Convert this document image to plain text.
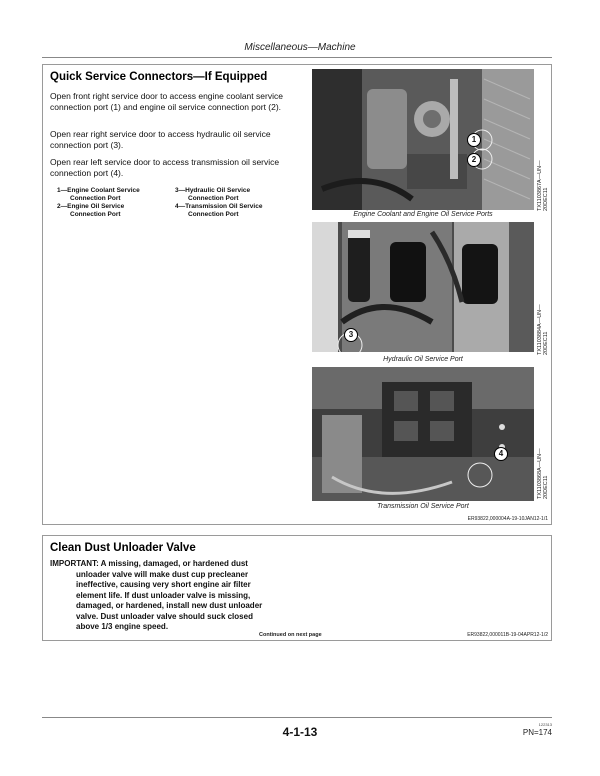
Miscellaneous—Machine
Quick Service Connectors—If Equipped
Open front right service door to access engine coolant service connection port (1) and engine oil service connection port (2).
Open rear right service door to access hydraulic oil service connection port (3).
Open rear left service door to access transmission oil service connection port (4).
1—Engine Coolant Service
Connection Port
2—Engine Oil Service
Connection Port
3—Hydraulic Oil Service
Connection Port
4—Transmission Oil Service
Connection Port
1
2
TX1103867A—UN—20DEC11
Engine Coolant and Engine Oil Service Ports
3	TX1103884A—UN—20DEC11
Hydraulic Oil Service Port
4	TX1103868A—UN—20DEC11
Transmission Oil Service Port
ER93822,000004A-19-10JAN12-1/1
Clean Dust Unloader Valve
IMPORTANT: A missing, damaged, or hardened dust
unloader valve will make dust cup precleaner
ineffective, causing very short engine air filter
element life. If dust unloader valve is missing,
damaged, or hardened, install new dust unloader
valve. Dust unloader valve should suck closed
above 1/3 engine speed.
Continued on next page	ER93822,000011B-19-04APR12-1/2
4-1-13
122313
PN=174
